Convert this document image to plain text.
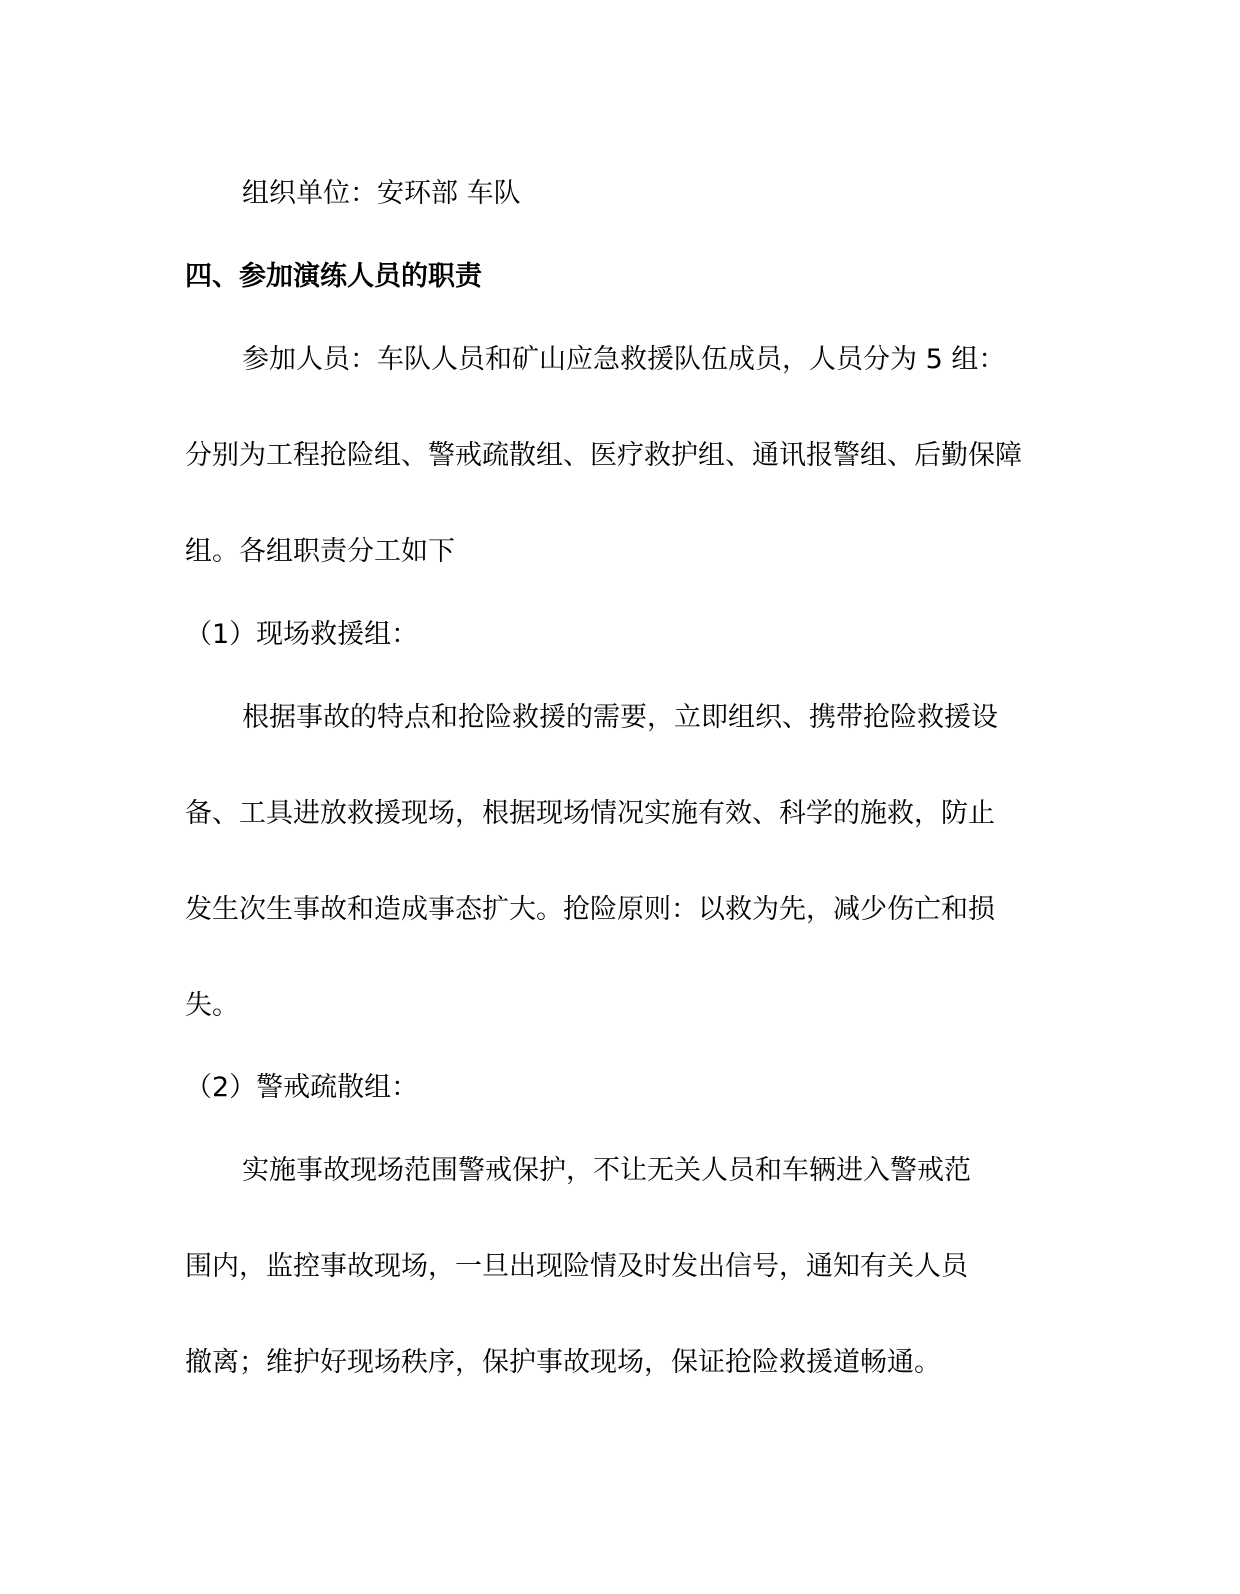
组织单位：安环部 车队
四、参加演练人员的职责
参加人员：车队人员和矿山应急救援队伍成员，人员分为 5 组：
分别为工程抢险组、警戒疏散组、医疗救护组、通讯报警组、后勤保障
组。各组职责分工如下
（1）现场救援组：
根据事故的特点和抢险救援的需要，立即组织、携带抢险救援设
备、工具进放救援现场，根据现场情况实施有效、科学的施救，防止
发生次生事故和造成事态扩大。抢险原则：以救为先，减少伤亡和损
失。
（2）警戒疏散组：
实施事故现场范围警戒保护，不让无关人员和车辆进入警戒范
围内，监控事故现场，一旦出现险情及时发出信号，通知有关人员
撤离；维护好现场秩序，保护事故现场，保证抢险救援道畅通。
